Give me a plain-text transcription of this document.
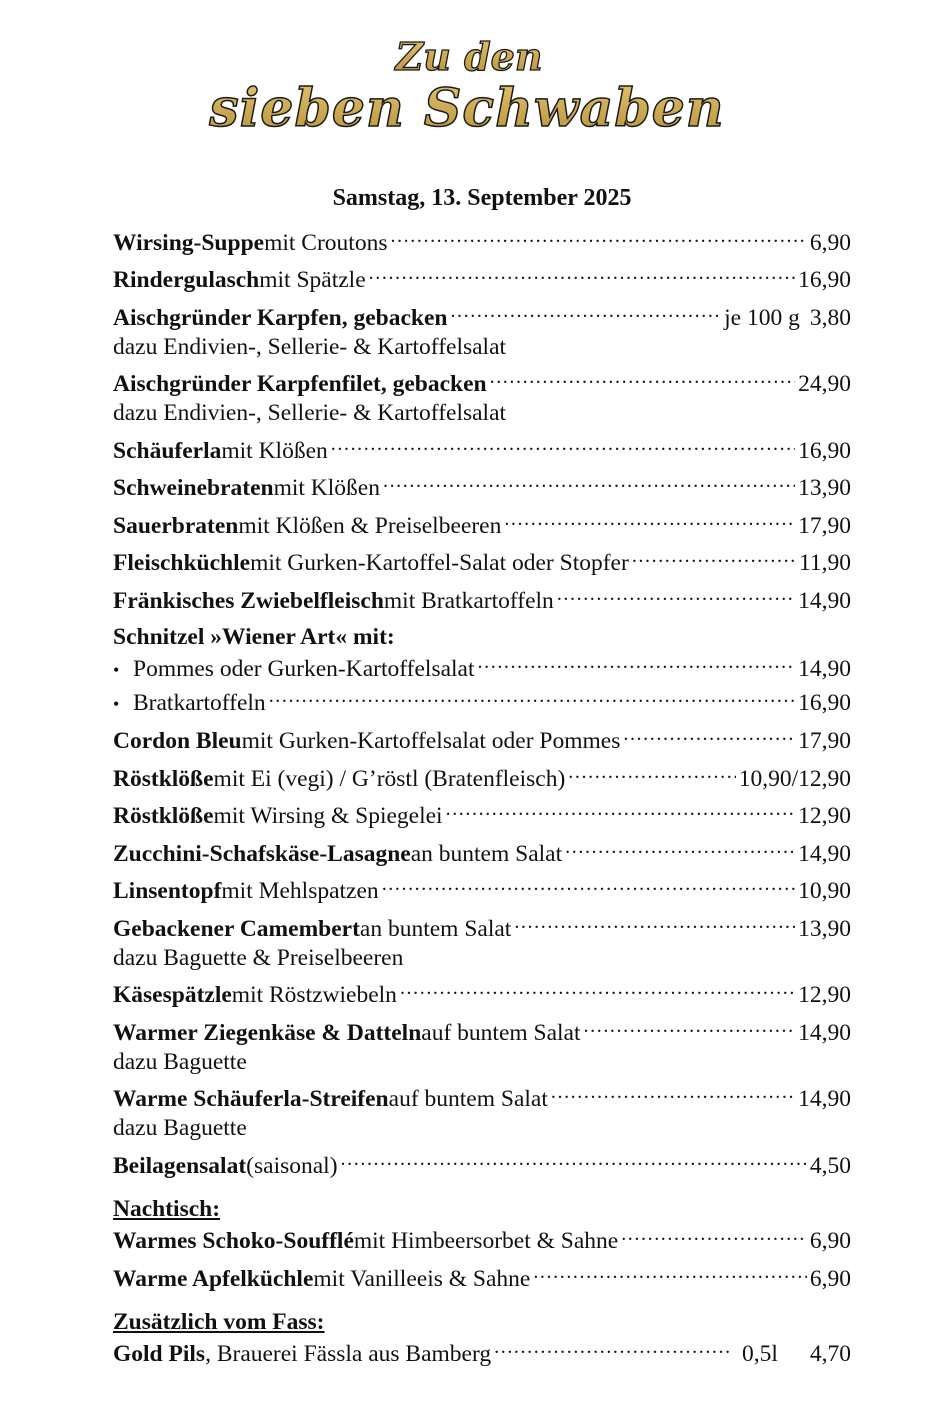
Zu den
sieben Schwaben
Samstag, 13. September 2025
Wirsing-Suppe mit Croutons .....	6,90
Rindergulasch mit Spätzle .....	16,90
Aischgründer Karpfen, gebacken .....	je 100 g 3,80
dazu Endivien-, Sellerie- & Kartoffelsalat
Aischgründer Karpfenfilet, gebacken .....	24,90
dazu Endivien-, Sellerie- & Kartoffelsalat
Schäuferla mit Klößen .....	16,90
Schweinebraten mit Klößen .....	13,90
Sauerbraten mit Klößen & Preiselbeeren .....	17,90
Fleischküchle mit Gurken-Kartoffel-Salat oder Stopfer .....	11,90
Fränkisches Zwiebelfleisch mit Bratkartoffeln .....	14,90
Schnitzel »Wiener Art« mit:
• Pommes oder Gurken-Kartoffelsalat .....	14,90
• Bratkartoffeln .....	16,90
Cordon Bleu mit Gurken-Kartoffelsalat oder Pommes .....	17,90
Röstklöße mit Ei (vegi) / G’röstl (Bratenfleisch) .....	10,90/12,90
Röstklöße mit Wirsing & Spiegelei .....	12,90
Zucchini-Schafskäse-Lasagne an buntem Salat .....	14,90
Linsentopf mit Mehlspatzen .....	10,90
Gebackener Camembert an buntem Salat .....	13,90
dazu Baguette & Preiselbeeren
Käsespätzle mit Röstzwiebeln .....	12,90
Warmer Ziegenkäse & Datteln auf buntem Salat .....	14,90
dazu Baguette
Warme Schäuferla-Streifen auf buntem Salat .....	14,90
dazu Baguette
Beilagensalat (saisonal) .....	4,50
Nachtisch:
Warmes Schoko-Soufflé mit Himbeersorbet & Sahne .....	6,90
Warme Apfelküchle mit Vanilleeis & Sahne .....	6,90
Zusätzlich vom Fass:
Gold Pils , Brauerei Fässla aus Bamberg .....	0,5l 4,70
